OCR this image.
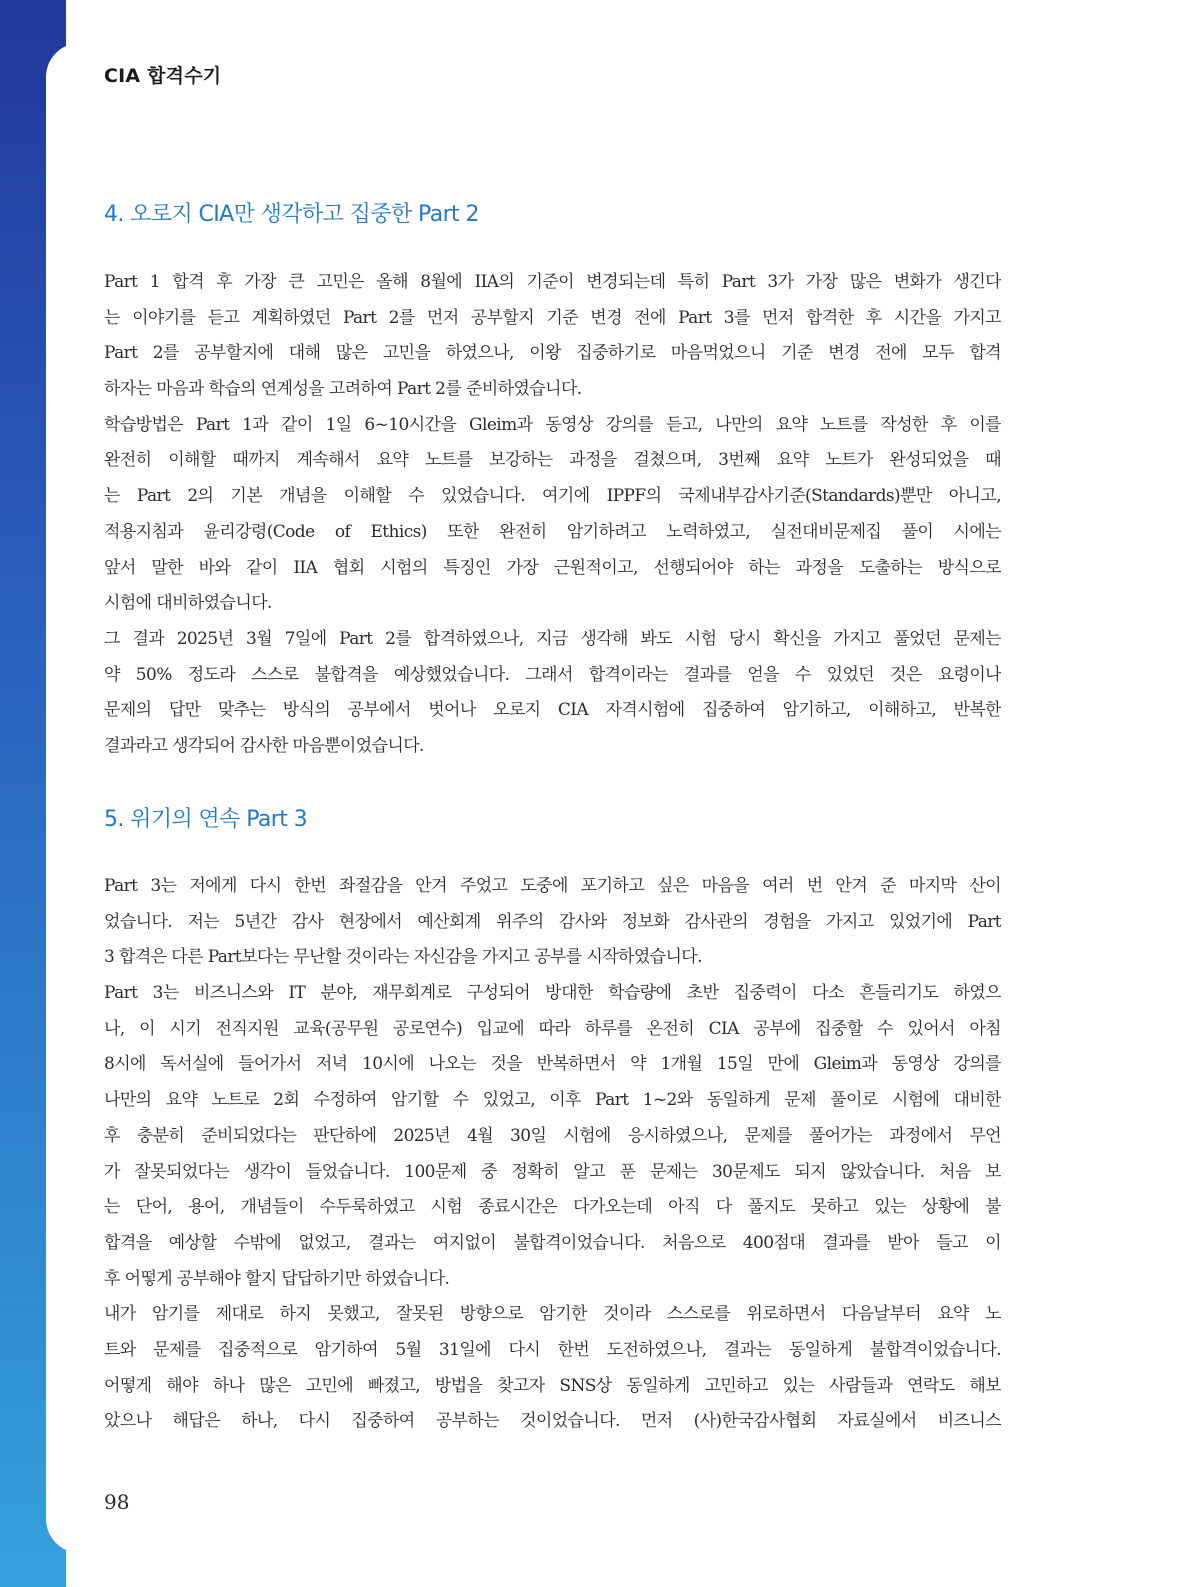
CIA 합격수기
4. 오로지 CIA만 생각하고 집중한 Part 2
Part 1 합격 후 가장 큰 고민은 올해 8월에 IIA의 기준이 변경되는데 특히 Part 3가 가장 많은 변화가 생긴다
는 이야기를 듣고 계획하였던 Part 2를 먼저 공부할지 기준 변경 전에 Part 3를 먼저 합격한 후 시간을 가지고
Part 2를 공부할지에 대해 많은 고민을 하였으나, 이왕 집중하기로 마음먹었으니 기준 변경 전에 모두 합격
하자는 마음과 학습의 연계성을 고려하여 Part 2를 준비하였습니다.
학습방법은 Part 1과 같이 1일 6~10시간을 Gleim과 동영상 강의를 듣고, 나만의 요약 노트를 작성한 후 이를
완전히 이해할 때까지 계속해서 요약 노트를 보강하는 과정을 걸쳤으며, 3번째 요약 노트가 완성되었을 때
는 Part 2의 기본 개념을 이해할 수 있었습니다. 여기에 IPPF의 국제내부감사기준(Standards)뿐만 아니고,
적용지침과 윤리강령(Code of Ethics) 또한 완전히 암기하려고 노력하였고, 실전대비문제집 풀이 시에는
앞서 말한 바와 같이 IIA 협회 시험의 특징인 가장 근원적이고, 선행되어야 하는 과정을 도출하는 방식으로
시험에 대비하였습니다.
그 결과 2025년 3월 7일에 Part 2를 합격하였으나, 지금 생각해 봐도 시험 당시 확신을 가지고 풀었던 문제는
약 50% 정도라 스스로 불합격을 예상했었습니다. 그래서 합격이라는 결과를 얻을 수 있었던 것은 요령이나
문제의 답만 맞추는 방식의 공부에서 벗어나 오로지 CIA 자격시험에 집중하여 암기하고, 이해하고, 반복한
결과라고 생각되어 감사한 마음뿐이었습니다.
5. 위기의 연속 Part 3
Part 3는 저에게 다시 한번 좌절감을 안겨 주었고 도중에 포기하고 싶은 마음을 여러 번 안겨 준 마지막 산이
었습니다. 저는 5년간 감사 현장에서 예산회계 위주의 감사와 정보화 감사관의 경험을 가지고 있었기에 Part
3 합격은 다른 Part보다는 무난할 것이라는 자신감을 가지고 공부를 시작하였습니다.
Part 3는 비즈니스와 IT 분야, 재무회계로 구성되어 방대한 학습량에 초반 집중력이 다소 흔들리기도 하였으
나, 이 시기 전직지원 교육(공무원 공로연수) 입교에 따라 하루를 온전히 CIA 공부에 집중할 수 있어서 아침
8시에 독서실에 들어가서 저녁 10시에 나오는 것을 반복하면서 약 1개월 15일 만에 Gleim과 동영상 강의를
나만의 요약 노트로 2회 수정하여 암기할 수 있었고, 이후 Part 1~2와 동일하게 문제 풀이로 시험에 대비한
후 충분히 준비되었다는 판단하에 2025년 4월 30일 시험에 응시하였으나, 문제를 풀어가는 과정에서 무언
가 잘못되었다는 생각이 들었습니다. 100문제 중 정확히 알고 푼 문제는 30문제도 되지 않았습니다. 처음 보
는 단어, 용어, 개념들이 수두룩하였고 시험 종료시간은 다가오는데 아직 다 풀지도 못하고 있는 상황에 불
합격을 예상할 수밖에 없었고, 결과는 여지없이 불합격이었습니다. 처음으로 400점대 결과를 받아 들고 이
후 어떻게 공부해야 할지 답답하기만 하였습니다.
내가 암기를 제대로 하지 못했고, 잘못된 방향으로 암기한 것이라 스스로를 위로하면서 다음날부터 요약 노
트와 문제를 집중적으로 암기하여 5월 31일에 다시 한번 도전하였으나, 결과는 동일하게 불합격이었습니다.
어떻게 해야 하나 많은 고민에 빠졌고, 방법을 찾고자 SNS상 동일하게 고민하고 있는 사람들과 연락도 해보
았으나 해답은 하나, 다시 집중하여 공부하는 것이었습니다. 먼저 (사)한국감사협회 자료실에서 비즈니스
98
